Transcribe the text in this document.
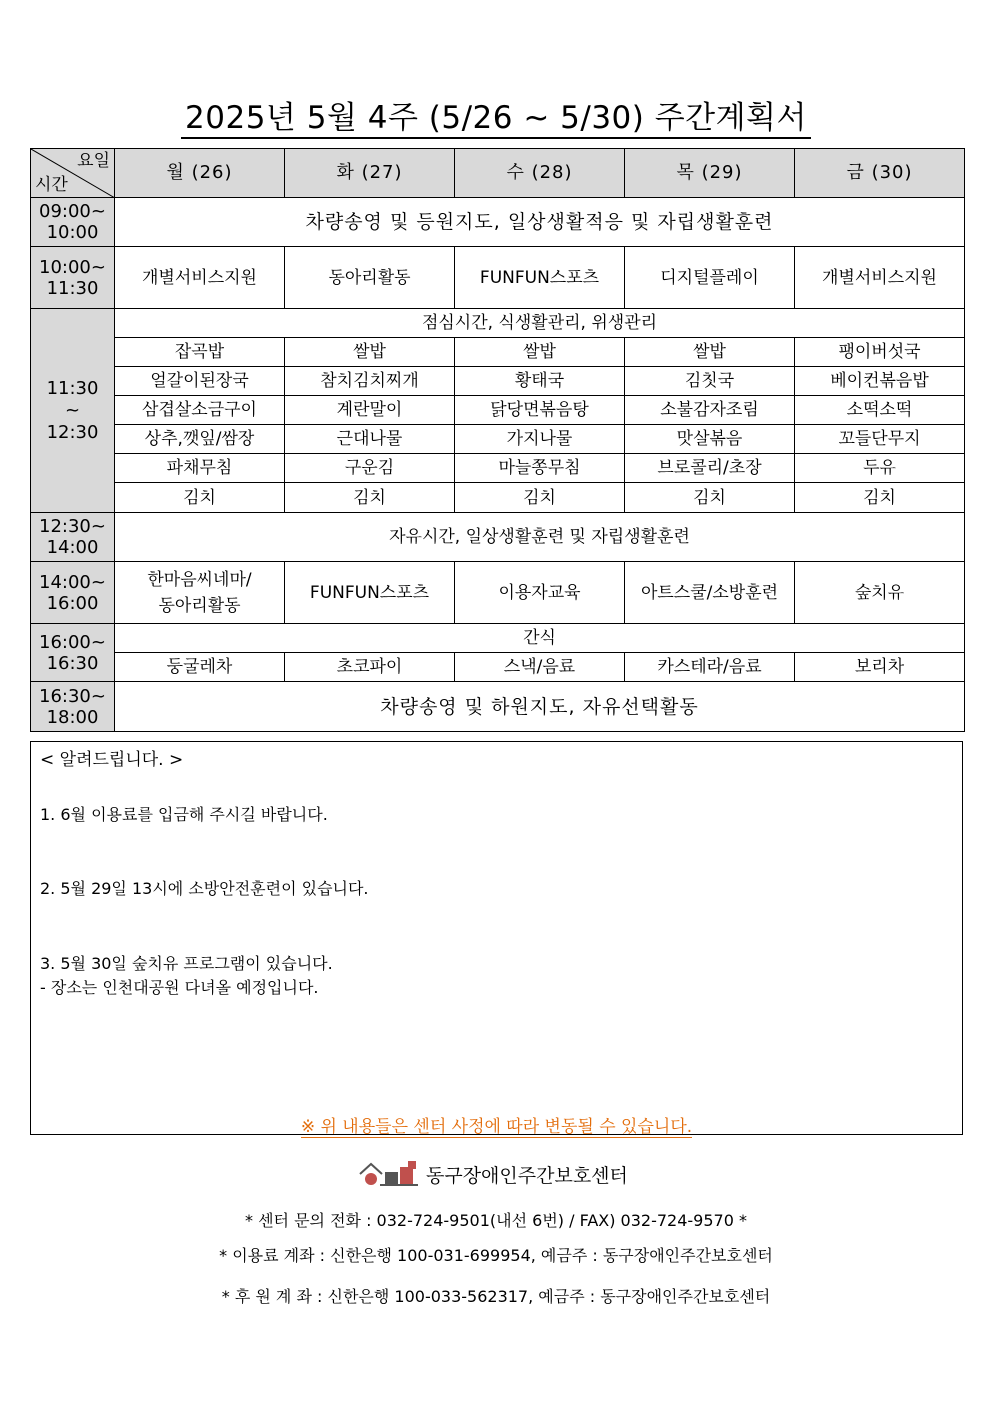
2025년 5월 4주 (5/26 ~ 5/30) 주간계획서
요일
시간	월 (26)	화 (27)	수 (28)	목 (29)	금 (30)
09:00~
10:00	차량송영 및 등원지도, 일상생활적응 및 자립생활훈련				
10:00~
11:30	개별서비스지원	동아리활동	FUNFUN스포츠	디지털플레이	개별서비스지원
11:30
~
12:30	점심시간, 식생활관리, 위생관리				
	잡곡밥	쌀밥	쌀밥	쌀밥	팽이버섯국
	얼갈이된장국	참치김치찌개	황태국	김칫국	베이컨볶음밥
	삼겹살소금구이	계란말이	닭당면볶음탕	소불감자조림	소떡소떡
	상추,깻잎/쌈장	근대나물	가지나물	맛살볶음	꼬들단무지
	파채무침	구운김	마늘쫑무침	브로콜리/초장	두유
	김치	김치	김치	김치	김치
12:30~
14:00	자유시간, 일상생활훈련 및 자립생활훈련				
14:00~
16:00	한마음씨네마/
동아리활동	FUNFUN스포츠	이용자교육	아트스쿨/소방훈련	숲치유
16:00~
16:30	간식				
	둥굴레차	초코파이	스낵/음료	카스테라/음료	보리차
16:30~
18:00	차량송영 및 하원지도, 자유선택활동				
< 알려드립니다. >
1. 6월 이용료를 입금해 주시길 바랍니다.
2. 5월 29일 13시에 소방안전훈련이 있습니다.
3. 5월 30일 숲치유 프로그램이 있습니다.
- 장소는 인천대공원 다녀올 예정입니다.
※ 위 내용들은 센터 사정에 따라 변동될 수 있습니다.
동구장애인주간보호센터
* 센터 문의 전화 : 032-724-9501(내선 6번) / FAX) 032-724-9570 *
* 이용료 계좌 : 신한은행 100-031-699954, 예금주 : 동구장애인주간보호센터
* 후 원 계 좌 : 신한은행 100-033-562317, 예금주 : 동구장애인주간보호센터
